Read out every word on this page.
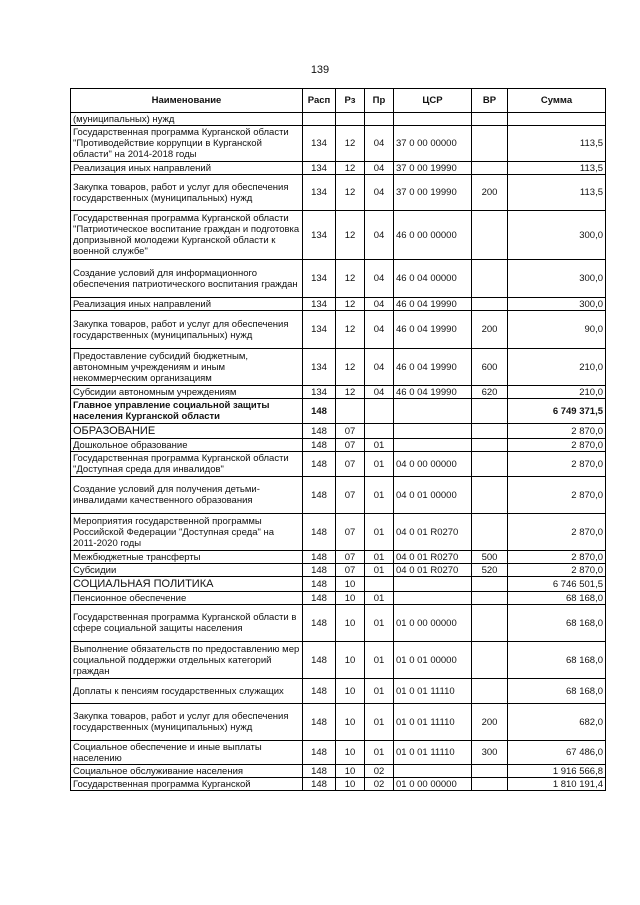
139
Наименование	Расп	Рз	Пр	ЦСР	ВР	Сумма
(муниципальных) нужд						
Государственная программа Курганской области "Противодействие коррупции в Курганской области" на 2014-2018 годы	134	12	04	37 0 00 00000		113,5
Реализация иных направлений	134	12	04	37 0 00 19990		113,5
Закупка товаров, работ и услуг для обеспечения государственных (муниципальных) нужд	134	12	04	37 0 00 19990	200	113,5
Государственная программа Курганской области "Патриотическое воспитание граждан и подготовка допризывной молодежи Курганской области к военной службе"	134	12	04	46 0 00 00000		300,0
Создание условий для информационного обеспечения патриотического воспитания граждан	134	12	04	46 0 04 00000		300,0
Реализация иных направлений	134	12	04	46 0 04 19990		300,0
Закупка товаров, работ и услуг для обеспечения государственных (муниципальных) нужд	134	12	04	46 0 04 19990	200	90,0
Предоставление субсидий бюджетным, автономным учреждениям и иным некоммерческим организациям	134	12	04	46 0 04 19990	600	210,0
Субсидии автономным учреждениям	134	12	04	46 0 04 19990	620	210,0
Главное управление социальной защиты населения Курганской области	148					6 749 371,5
ОБРАЗОВАНИЕ	148	07				2 870,0
Дошкольное образование	148	07	01			2 870,0
Государственная программа Курганской области "Доступная среда для инвалидов"	148	07	01	04 0 00 00000		2 870,0
Создание условий для получения детьми-инвалидами качественного образования	148	07	01	04 0 01 00000		2 870,0
Мероприятия государственной программы Российской Федерации "Доступная среда" на 2011-2020 годы	148	07	01	04 0 01 R0270		2 870,0
Межбюджетные трансферты	148	07	01	04 0 01 R0270	500	2 870,0
Субсидии	148	07	01	04 0 01 R0270	520	2 870,0
СОЦИАЛЬНАЯ ПОЛИТИКА	148	10				6 746 501,5
Пенсионное обеспечение	148	10	01			68 168,0
Государственная программа Курганской области в сфере социальной защиты населения	148	10	01	01 0 00 00000		68 168,0
Выполнение обязательств по предоставлению мер социальной поддержки отдельных категорий граждан	148	10	01	01 0 01 00000		68 168,0
Доплаты к пенсиям государственных служащих	148	10	01	01 0 01 11110		68 168,0
Закупка товаров, работ и услуг для обеспечения государственных (муниципальных) нужд	148	10	01	01 0 01 11110	200	682,0
Социальное обеспечение и иные выплаты населению	148	10	01	01 0 01 11110	300	67 486,0
Социальное обслуживание населения	148	10	02			1 916 566,8
Государственная программа Курганской	148	10	02	01 0 00 00000		1 810 191,4
